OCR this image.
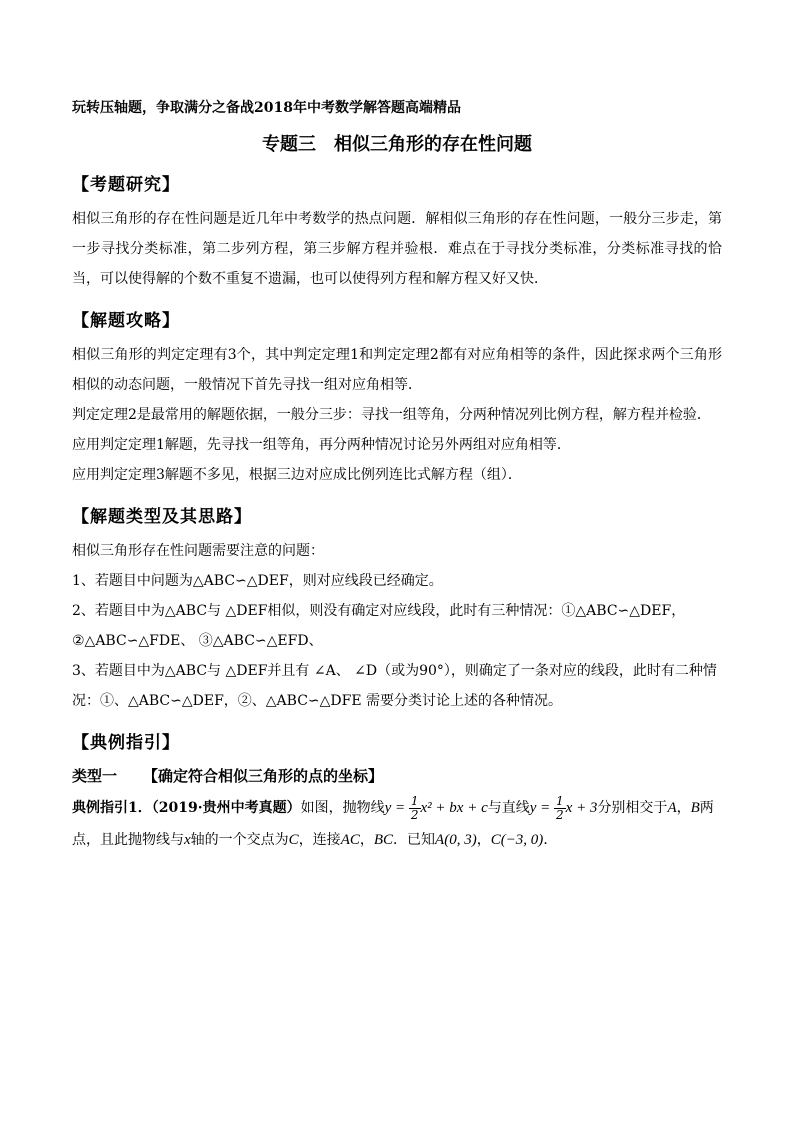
玩转压轴题，争取满分之备战2018年中考数学解答题高端精品

专题三　相似三角形的存在性问题
【考题研究】

相似三角形的存在性问题是近几年中考数学的热点问题．解相似三角形的存在性问题，一般分三步走，第一步寻找分类标准，第二步列方程，第三步解方程并验根．难点在于寻找分类标准，分类标准寻找的恰当，可以使得解的个数不重复不遗漏，也可以使得列方程和解方程又好又快．

【解题攻略】

相似三角形的判定定理有3个，其中判定定理1和判定定理2都有对应角相等的条件，因此探求两个三角形相似的动态问题，一般情况下首先寻找一组对应角相等．

判定定理2是最常用的解题依据，一般分三步：寻找一组等角，分两种情况列比例方程，解方程并检验．

应用判定定理1解题，先寻找一组等角，再分两种情况讨论另外两组对应角相等．

应用判定定理3解题不多见，根据三边对应成比例列连比式解方程（组）．

【解题类型及其思路】

相似三角形存在性问题需要注意的问题：

1、若题目中问题为△ABC∽△DEF，则对应线段已经确定。

2、若题目中为△ABC与 △DEF相似，则没有确定对应线段，此时有三种情况：①△ABC∽△DEF，

②△ABC∽△FDE、 ③△ABC∽△EFD、

3、若题目中为△ABC与 △DEF并且有 ∠A、 ∠D（或为90°），则确定了一条对应的线段，此时有二种情

况：①、△ABC∽△DEF，②、△ABC∽△DFE 需要分类讨论上述的各种情况。

【典例指引】

类型一 【确定符合相似三角形的点的坐标】

典例指引1．（2019·贵州中考真题）如图，抛物线$y = \frac{1}{2} x^2$ + bx + c与直线$y = \frac{1}{2}$ x + 3分别相交于A，B两

点，且此抛物线与x轴的一个交点为C，连接AC，BC．已知A(0, 3)，C(−3, 0)．
